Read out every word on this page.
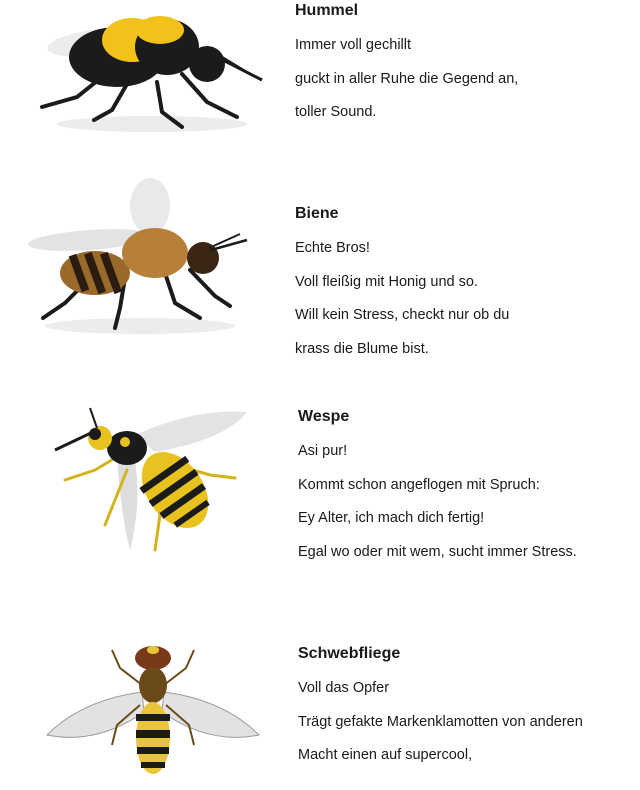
Hummel
Immer voll gechillt
guckt in aller Ruhe die Gegend an,
toller Sound.
Biene
Echte Bros!
Voll fleißig mit Honig und so.
Will kein Stress, checkt nur ob du
krass die Blume bist.
Wespe
Asi pur!
Kommt schon angeflogen mit Spruch:
Ey Alter, ich mach dich fertig!
Egal wo oder mit wem, sucht immer Stress.
Schwebfliege
Voll das Opfer
Trägt gefakte Markenklamotten von anderen
Macht einen auf supercool,
